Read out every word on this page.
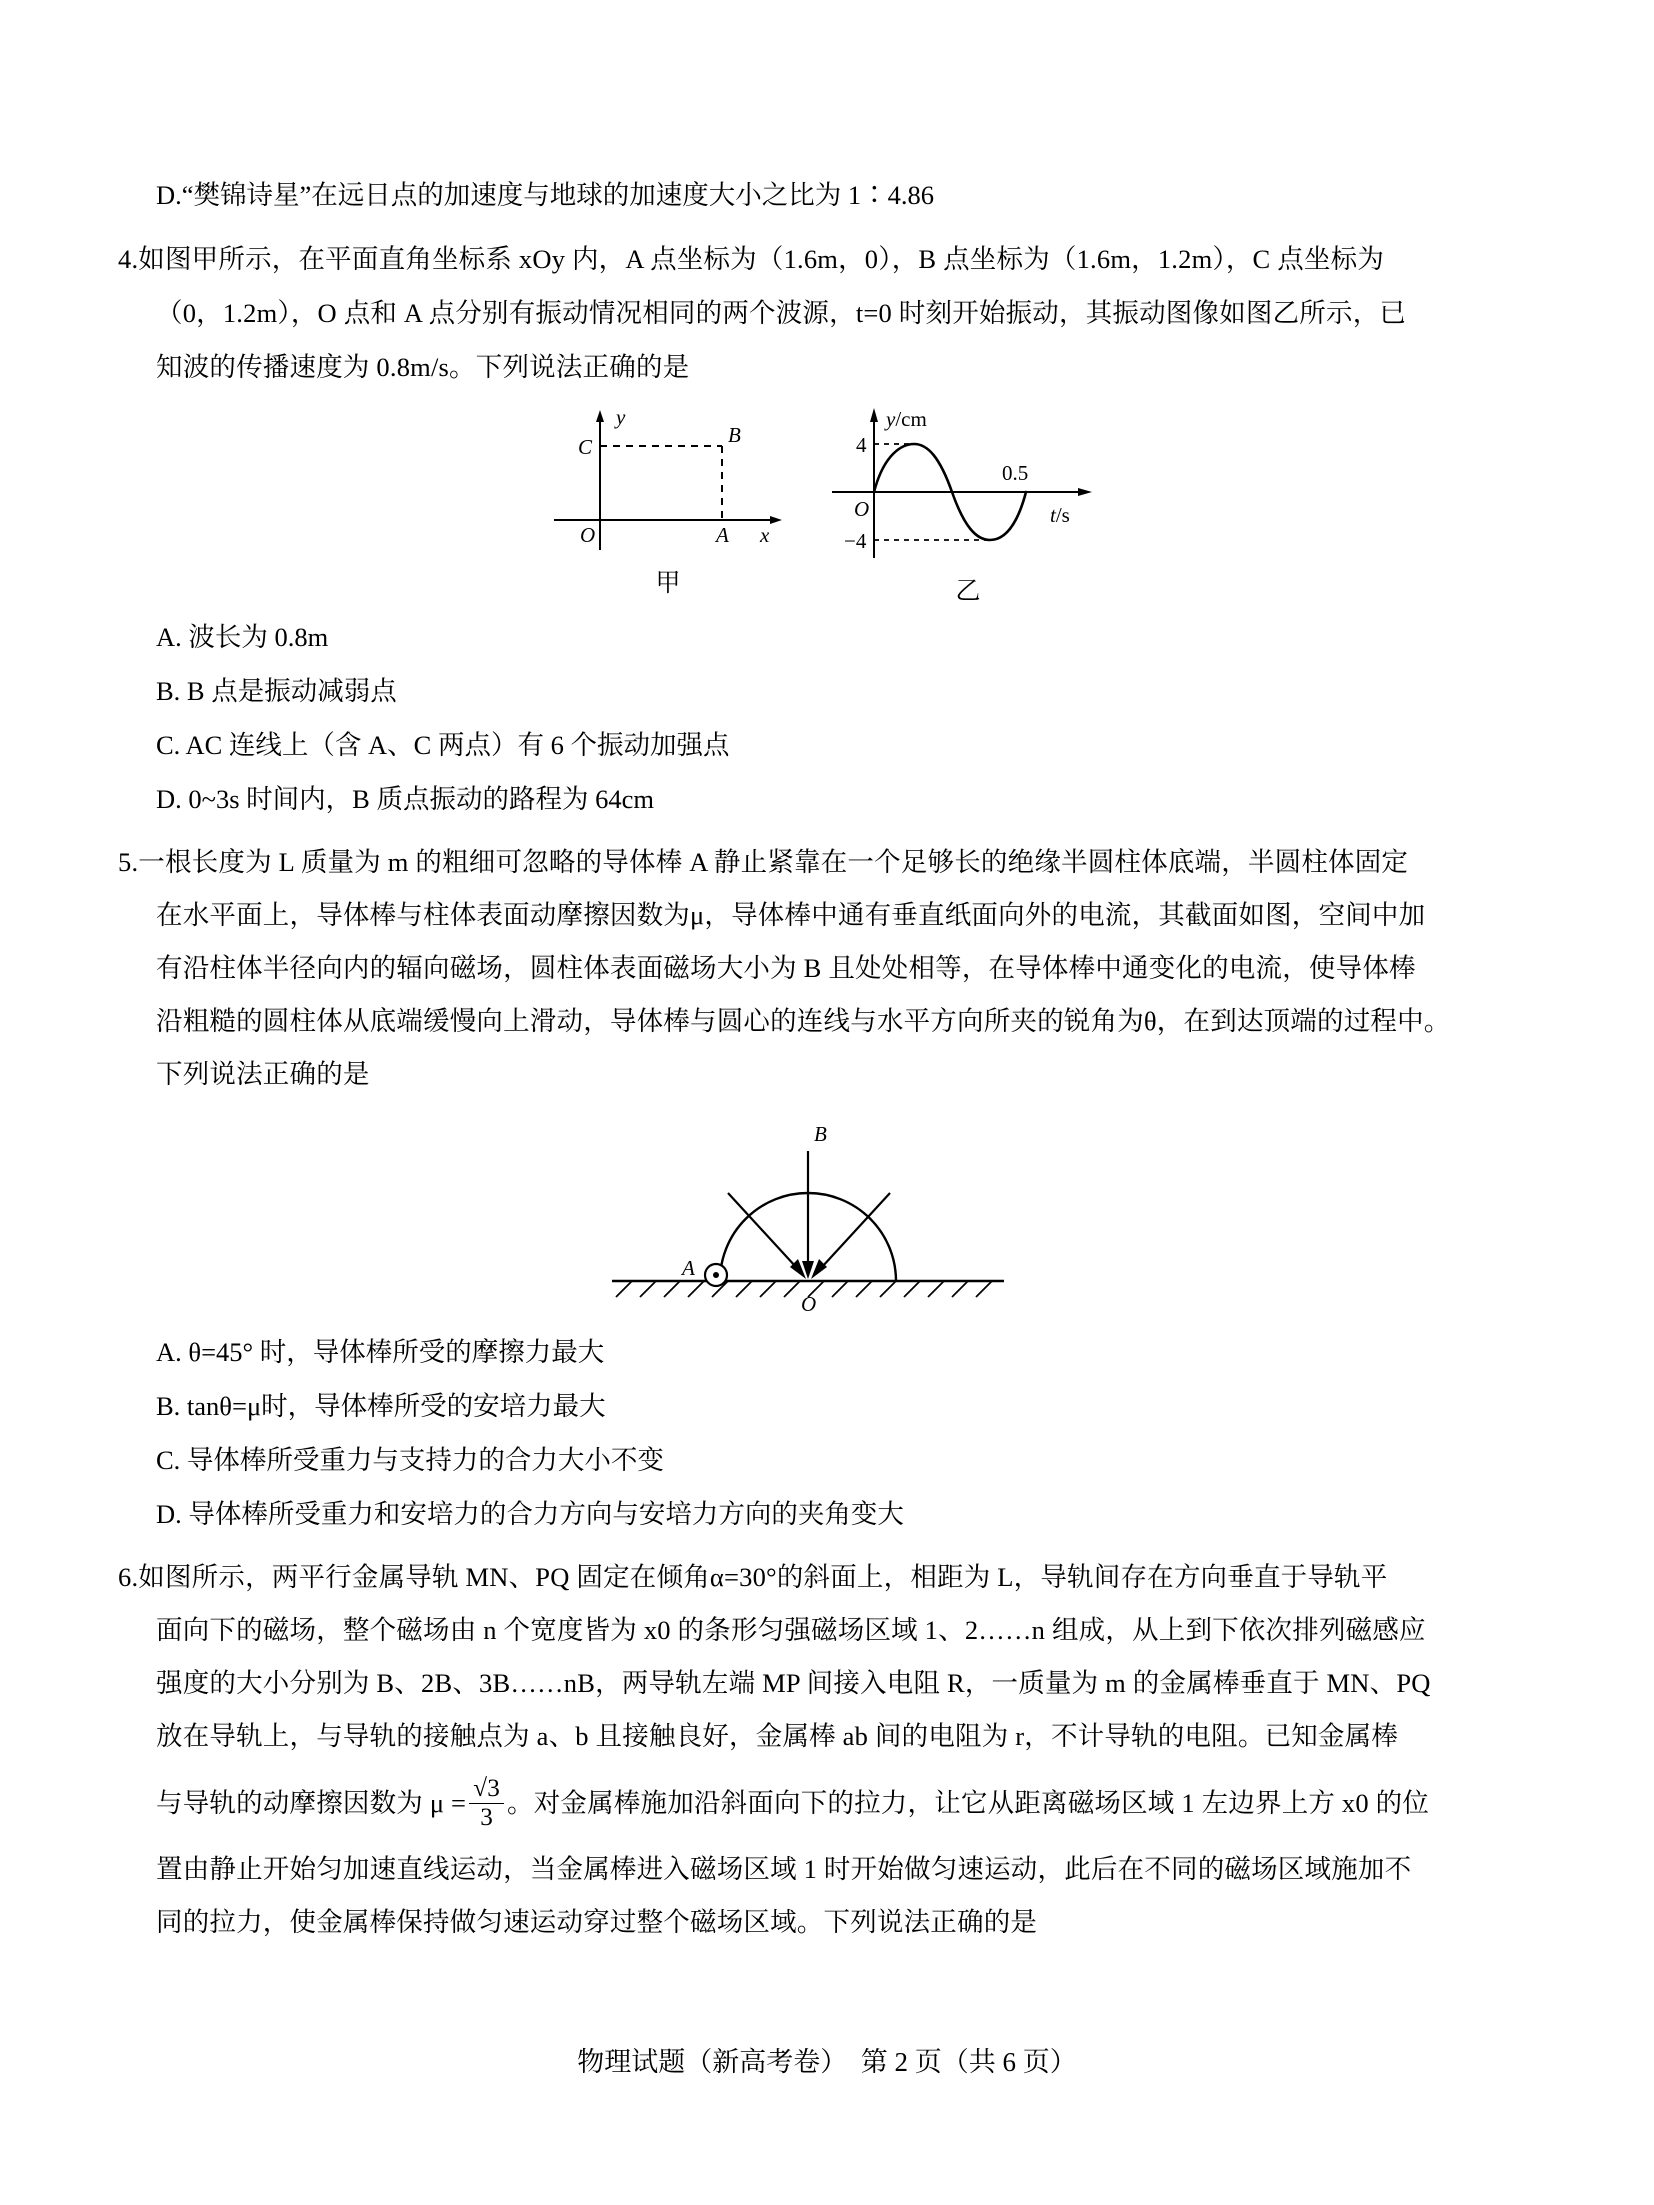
D.“樊锦诗星”在远日点的加速度与地球的加速度大小之比为 1∶4.86
4.如图甲所示，在平面直角坐标系 xOy 内，A 点坐标为（1.6m，0），B 点坐标为（1.6m，1.2m），C 点坐标为
（0，1.2m），O 点和 A 点分别有振动情况相同的两个波源，t=0 时刻开始振动，其振动图像如图乙所示，已
知波的传播速度为 0.8m/s。下列说法正确的是
y
x
C	B
A
O
甲
y/cm
t/s
4
−4
O
0.5
乙
A. 波长为 0.8m
B. B 点是振动减弱点
C. AC 连线上（含 A、C 两点）有 6 个振动加强点
D. 0~3s 时间内，B 质点振动的路程为 64cm
5.一根长度为 L 质量为 m 的粗细可忽略的导体棒 A 静止紧靠在一个足够长的绝缘半圆柱体底端，半圆柱体固定
在水平面上，导体棒与柱体表面动摩擦因数为μ，导体棒中通有垂直纸面向外的电流，其截面如图，空间中加
有沿柱体半径向内的辐向磁场，圆柱体表面磁场大小为 B 且处处相等，在导体棒中通变化的电流，使导体棒
沿粗糙的圆柱体从底端缓慢向上滑动，导体棒与圆心的连线与水平方向所夹的锐角为θ，在到达顶端的过程中。
下列说法正确的是
O
B
A
A. θ=45° 时，导体棒所受的摩擦力最大
B. tanθ=μ时，导体棒所受的安培力最大
C. 导体棒所受重力与支持力的合力大小不变
D. 导体棒所受重力和安培力的合力方向与安培力方向的夹角变大
6.如图所示，两平行金属导轨 MN、PQ 固定在倾角α=30°的斜面上，相距为 L，导轨间存在方向垂直于导轨平
面向下的磁场，整个磁场由 n 个宽度皆为 x0 的条形匀强磁场区域 1、2……n 组成，从上到下依次排列磁感应
强度的大小分别为 B、2B、3B……nB，两导轨左端 MP 间接入电阻 R，一质量为 m 的金属棒垂直于 MN、PQ
放在导轨上，与导轨的接触点为 a、b 且接触良好，金属棒 ab 间的电阻为 r，不计导轨的电阻。已知金属棒
与导轨的动摩擦因数为 $\mu = \frac{√3}{3}$ 。对金属棒施加沿斜面向下的拉力，让它从距离磁场区域 1 左边界上方 x0 的位
置由静止开始匀加速直线运动，当金属棒进入磁场区域 1 时开始做匀速运动，此后在不同的磁场区域施加不
同的拉力，使金属棒保持做匀速运动穿过整个磁场区域。下列说法正确的是
物理试题（新高考卷） 第 2 页（共 6 页）
